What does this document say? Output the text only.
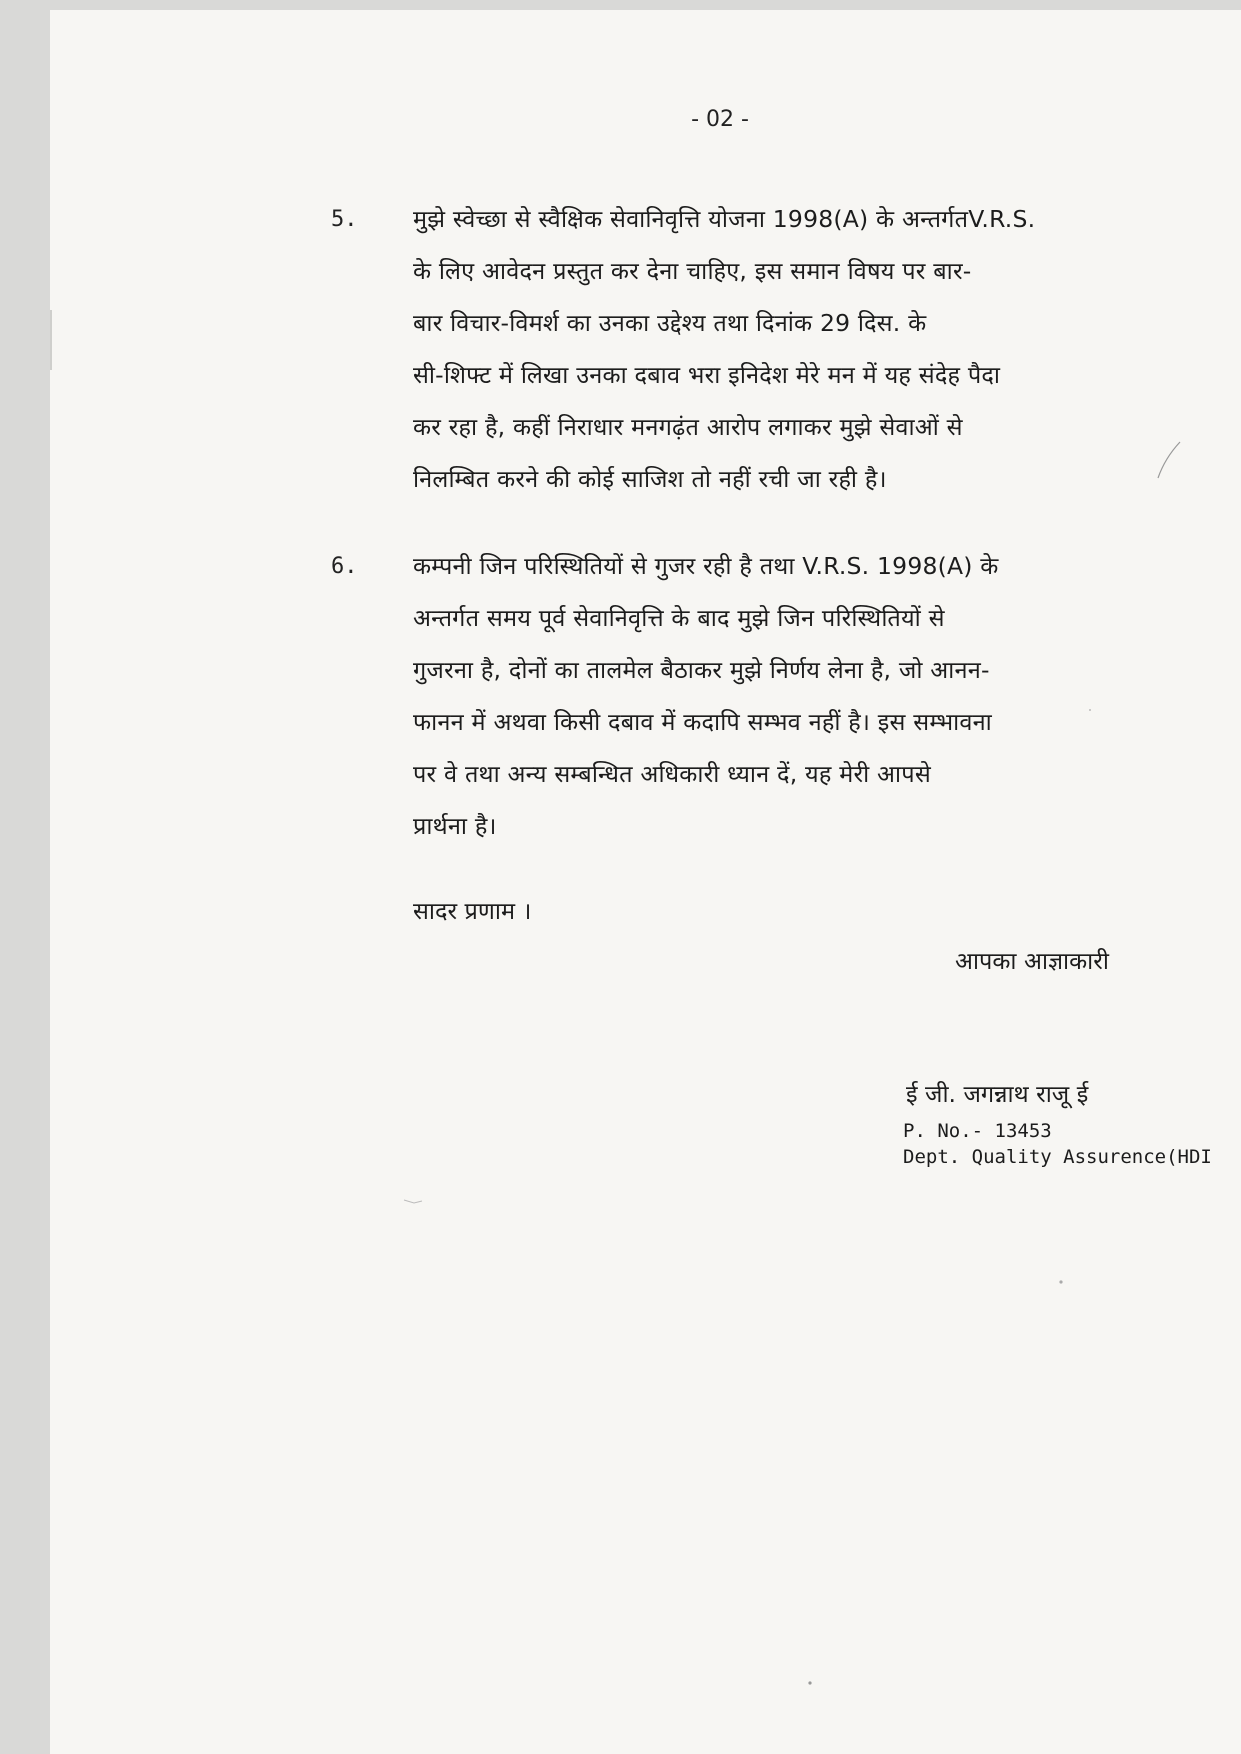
- 02 -
5. मुझे स्वेच्छा से स्वैक्षिक सेवानिवृत्ति योजना 1998(A) के अन्तर्गतV.R.S.
के लिए आवेदन प्रस्तुत कर देना चाहिए, इस समान विषय पर बार-
बार विचार-विमर्श का उनका उद्देश्य तथा दिनांक 29 दिस. के
सी-शिफ्ट में लिखा उनका दबाव भरा इनिदेश मेरे मन में यह संदेह पैदा
कर रहा है, कहीं निराधार मनगढ़ंत आरोप लगाकर मुझे सेवाओं से
निलम्बित करने की कोई साजिश तो नहीं रची जा रही है।
6. कम्पनी जिन परिस्थितियों से गुजर रही है तथा V.R.S. 1998(A) के
अन्तर्गत समय पूर्व सेवानिवृत्ति के बाद मुझे जिन परिस्थितियों से
गुजरना है, दोनों का तालमेल बैठाकर मुझे निर्णय लेना है, जो आनन-
फानन में अथवा किसी दबाव में कदापि सम्भव नहीं है। इस सम्भावना
पर वे तथा अन्य सम्बन्धित अधिकारी ध्यान दें, यह मेरी आपसे
प्रार्थना है।
सादर प्रणाम ।
आपका आज्ञाकारी
ई जी. जगन्नाथ राजू ई
P. No.- 13453
Dept. Quality Assurence(HDI
